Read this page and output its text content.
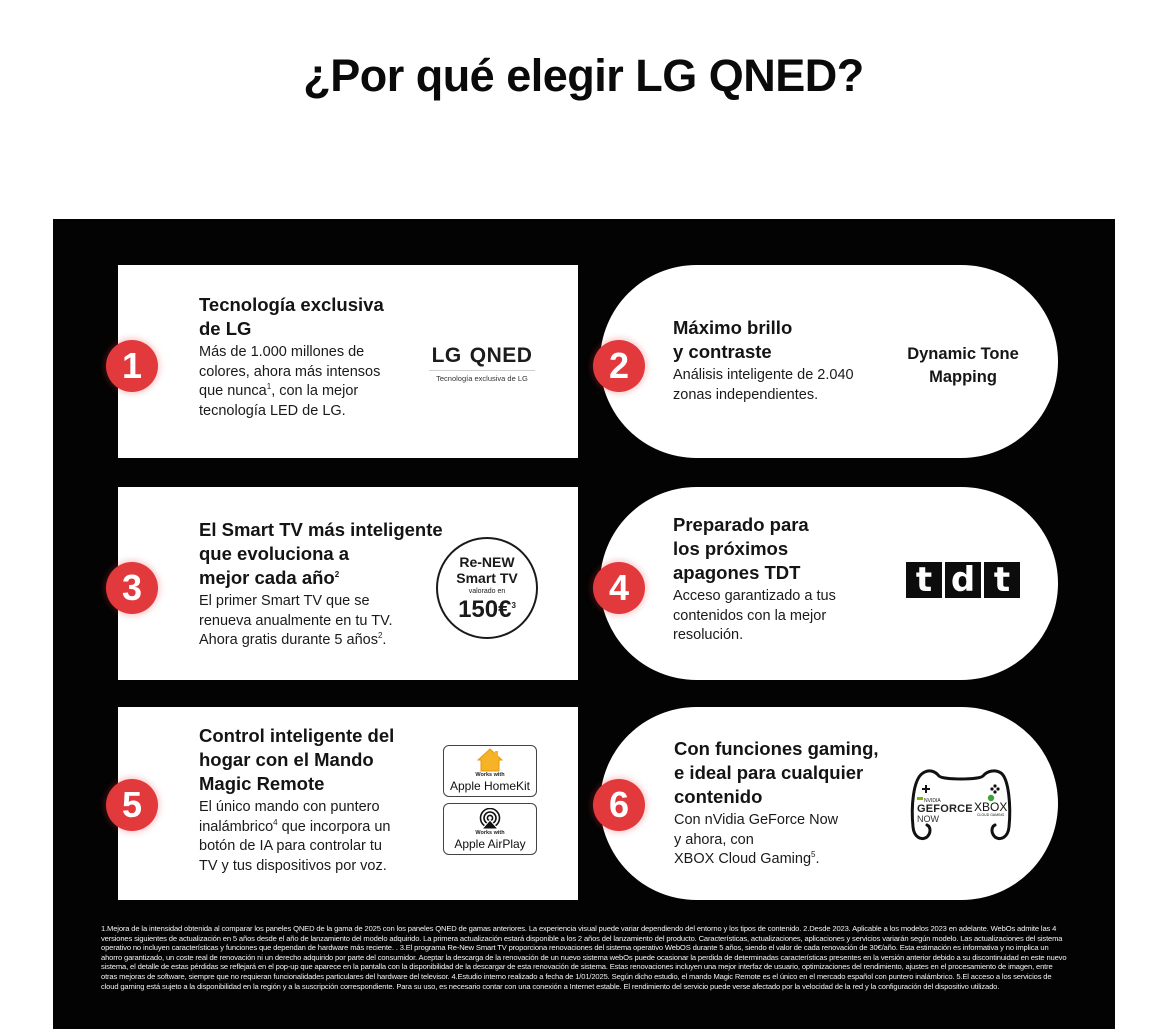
¿Por qué elegir LG QNED?
1
Tecnología exclusiva
de LG
Más de 1.000 millones de
colores, ahora más intensos
que nunca$^1$, con la mejor
tecnología LED de LG.
LG QNED
Tecnología exclusiva de LG	2
Máximo brillo
y contraste
Análisis inteligente de 2.040
zonas independientes.
Dynamic Tone
Mapping
3
El Smart TV más inteligente
que evoluciona a
mejor cada año$^2$
El primer Smart TV que se
renueva anualmente en tu TV.
Ahora gratis durante 5 años$^2$.
Re-NEW
Smart TV
valorado en
150€$^3$	4
Preparado para
los próximos
apagones TDT
Acceso garantizado a tus
contenidos con la mejor
resolución.
t d t
5
Control inteligente del
hogar con el Mando
Magic Remote
El único mando con puntero
inalámbrico$^4$ que incorpora un
botón de IA para controlar tu
TV y tus dispositivos por voz.
Works with
Apple HomeKit
Works with
Apple AirPlay
6
Con funciones gaming,
e ideal para cualquier
contenido
Con nVidia GeForce Now
y ahora, con
XBOX Cloud Gaming$^5$.
NVIDIA
GEFORCE
NOW
XBOX
CLOUD GAMING

1.Mejora de la intensidad obtenida al comparar los paneles QNED de la gama de 2025 con los paneles QNED de gamas anteriores. La experiencia visual puede variar dependiendo del entorno y los tipos de contenido. 2.Desde 2023. Aplicable a los modelos 2023 en adelante. WebOs admite las 4 versiones siguientes de actualización en 5 años desde el año de lanzamiento del modelo adquirido. La primera actualización estará disponible a los 2 años del lanzamiento del producto. Características, actualizaciones, aplicaciones y servicios variarán según modelo. Las actualizaciones del sistema operativo no incluyen características y funciones que dependan de hardware más reciente. . 3.El programa Re-New Smart TV proporciona renovaciones del sistema operativo WebOS durante 5 años, siendo el valor de cada renovación de 30€/año. Esta estimación es informativa y no implica un ahorro garantizado, un coste real de renovación ni un derecho adquirido por parte del consumidor. Aceptar la descarga de la renovación de un nuevo sistema webOs puede ocasionar la perdida de determinadas características presentes en la versión anterior debido a su discontinuidad en este nuevo sistema, el detalle de estas pérdidas se reflejará en el pop-up que aparece en la pantalla con la disponibilidad de la descargar de esta renovación de sistema. Estas renovaciones incluyen una mejor interfaz de usuario, optimizaciones del rendimiento, ajustes en el procesamiento de imagen, entre otras mejoras de software, siempre que no requieran funcionalidades particulares del hardware del televisor. 4.Estudio interno realizado a fecha de 1/01/2025. Según dicho estudio, el mando Magic Remote es el único en el mercado español con puntero inalámbrico. 5.El acceso a los servicios de cloud gaming está sujeto a la disponibilidad en la región y a la suscripción correspondiente. Para su uso, es necesario contar con una conexión a Internet estable. El rendimiento del servicio puede verse afectado por la velocidad de la red y la configuración del dispositivo utilizado.
